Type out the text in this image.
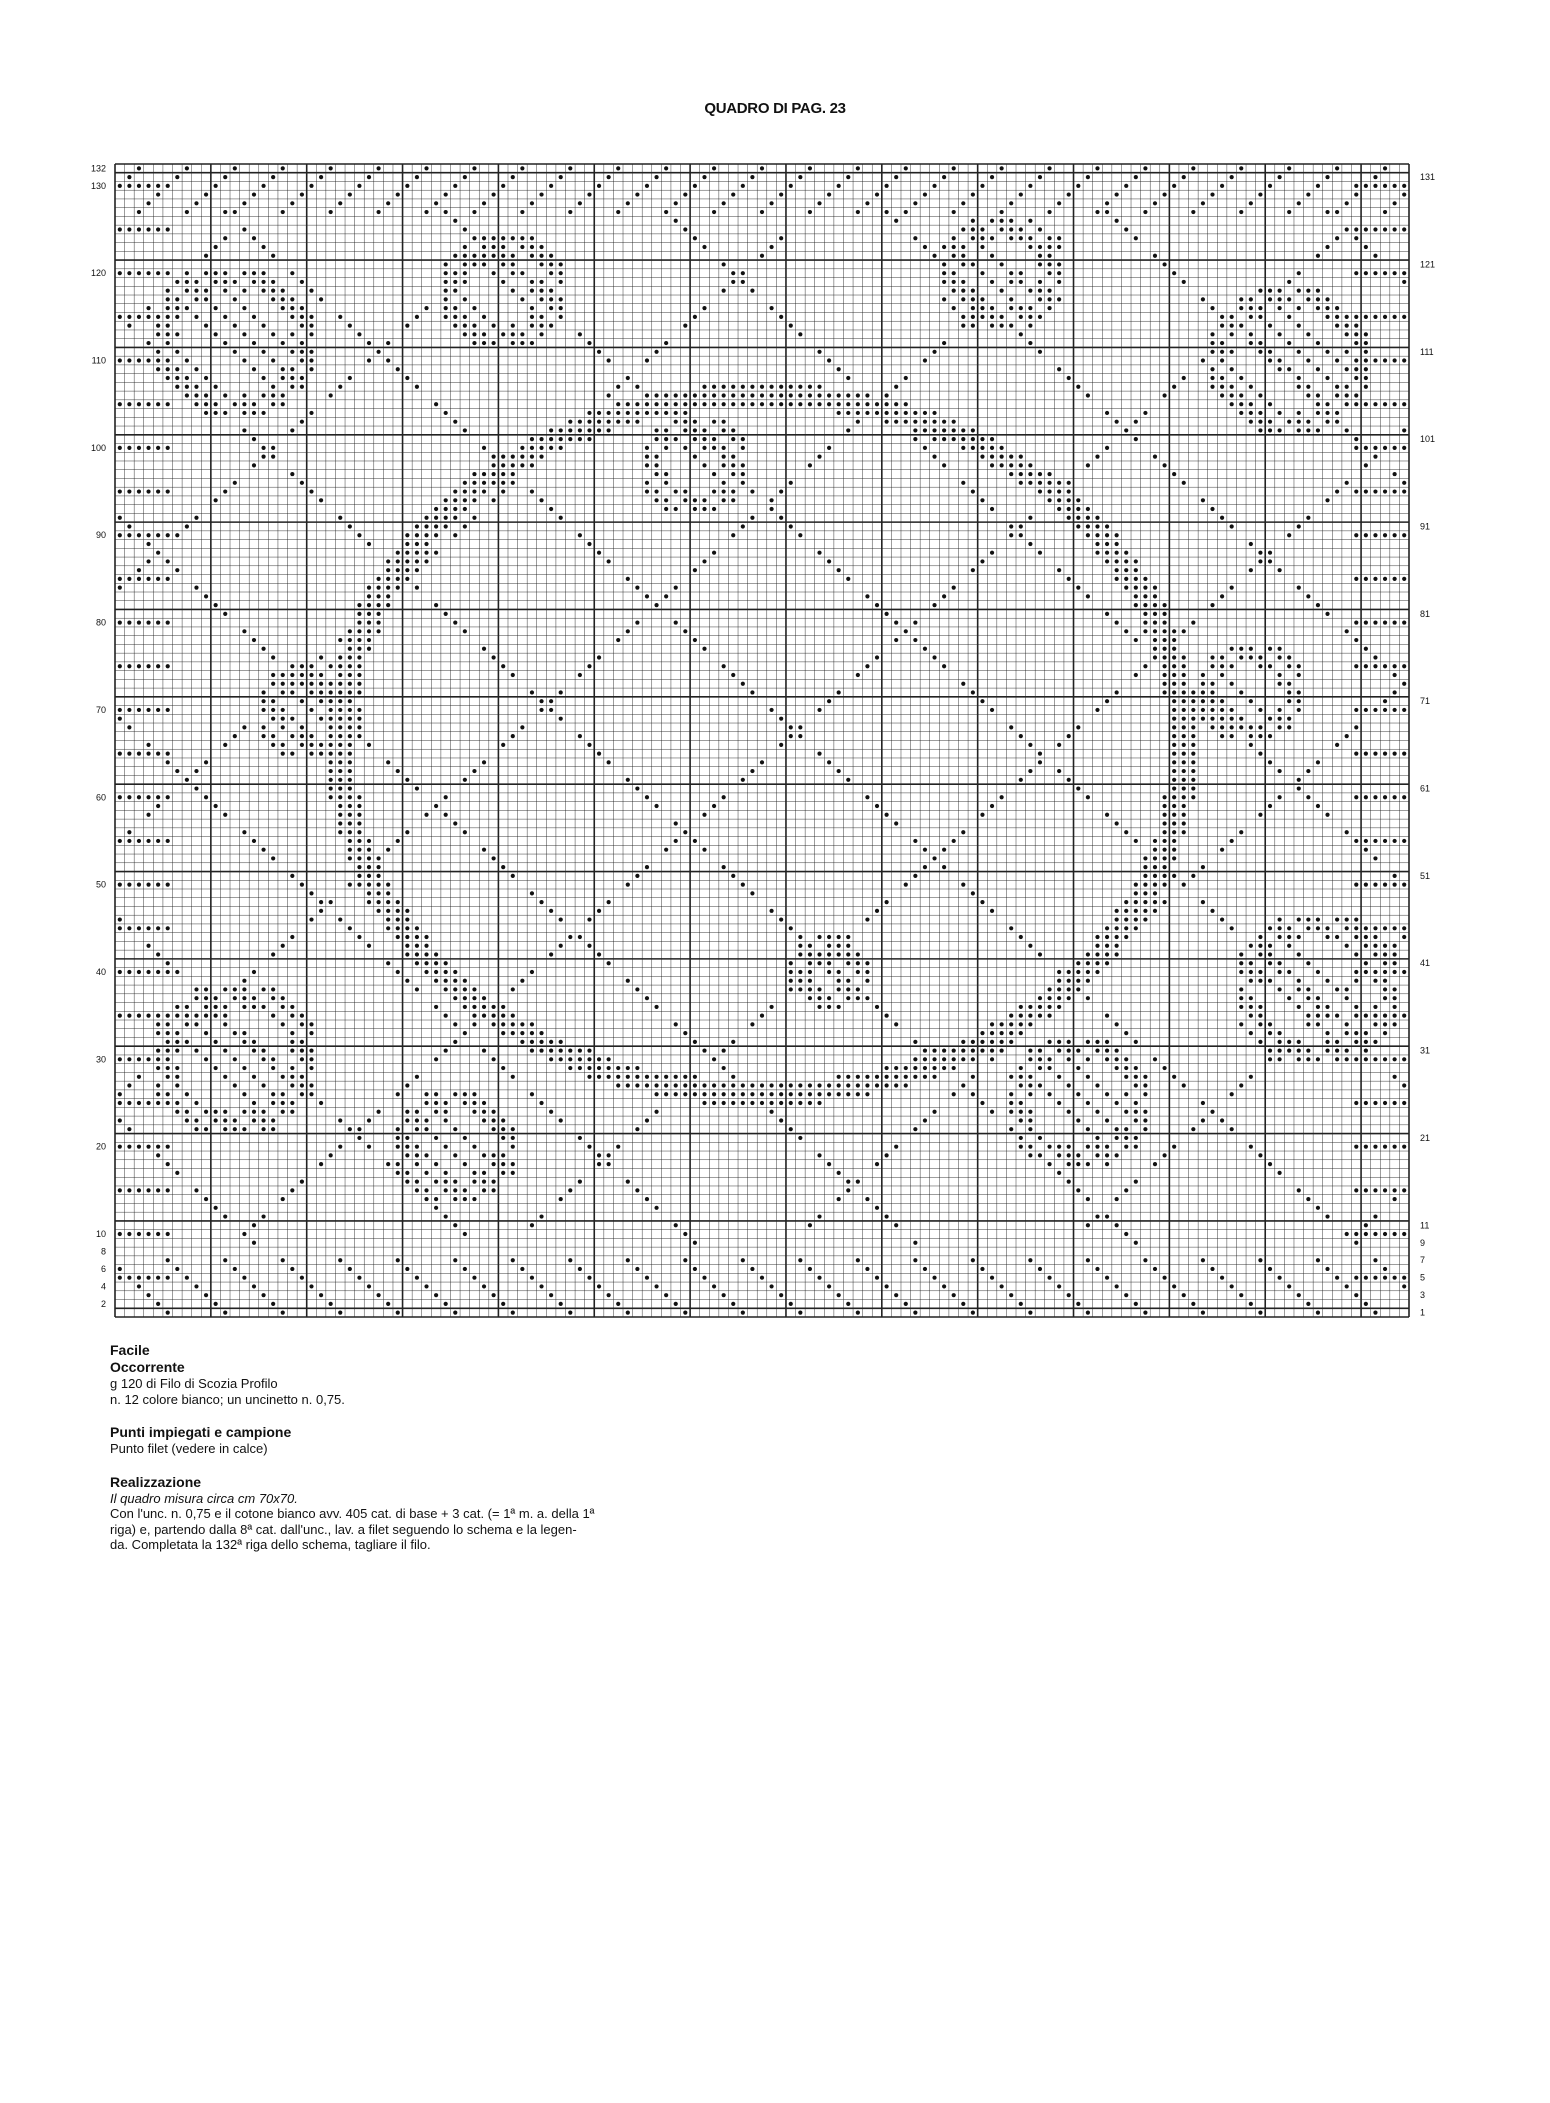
QUADRO DI PAG. 23
132
130
120
110
100
90
80
70
60
50
40
30
20
10
8
6
4
2
131
121
111
101
91
81
71
61
51
41
31
21
11
9
7
5
3
1
Facile
Occorrente

g 120 di Filo di Scozia Profilo

n. 12 colore bianco; un uncinetto n. 0,75.

Punti impiegati e campione

Punto filet (vedere in calce)

Realizzazione

Il quadro misura circa cm 70x70.

Con l'unc. n. 0,75 e il cotone bianco avv. 405 cat. di base + 3 cat. (= 1ª m. a. della 1ª

riga) e, partendo dalla 8ª cat. dall'unc., lav. a filet seguendo lo schema e la legen-

da. Completata la 132ª riga dello schema, tagliare il filo.
